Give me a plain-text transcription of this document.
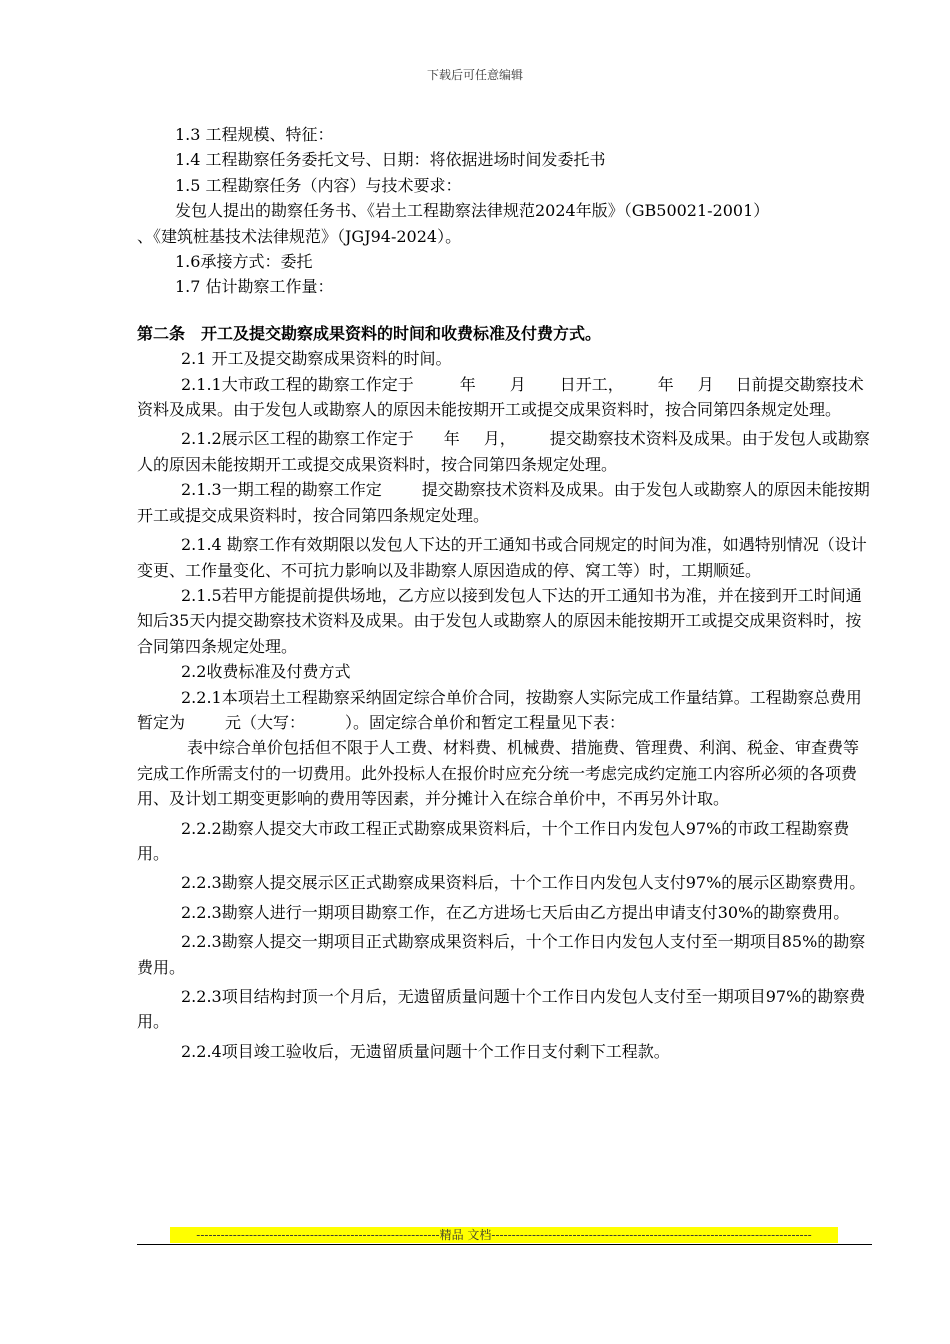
下载后可任意编辑

1.3 工程规模、特征：

1.4 工程勘察任务委托文号、日期：将依据进场时间发委托书

1.5 工程勘察任务（内容）与技术要求：

发包人提出的勘察任务书、《岩土工程勘察法律规范2024年版》（GB50021-2001）

、《建筑桩基技术法律规范》（JGJ94-2024）。

1.6承接方式：委托

1.7 估计勘察工作量：

第二条　开工及提交勘察成果资料的时间和收费标准及付费方式。

2.1 开工及提交勘察成果资料的时间。

2.1.1大市政工程的勘察工作定于	年 月 日开工， 年 月 日前提交勘察技术资料及成果。由于发包人或勘察人的原因未能按期开工或提交成果资料时，按合同第四条规定处理。

2.1.2展示区工程的勘察工作定于 年 月， 提交勘察技术资料及成果。由于发包人或勘察人的原因未能按期开工或提交成果资料时，按合同第四条规定处理。

2.1.3一期工程的勘察工作定	提交勘察技术资料及成果。由于发包人或勘察人的原因未能按期开工或提交成果资料时，按合同第四条规定处理。

2.1.4 勘察工作有效期限以发包人下达的开工通知书或合同规定的时间为准，如遇特别情况（设计变更、工作量变化、不可抗力影响以及非勘察人原因造成的停、窝工等）时，工期顺延。

2.1.5若甲方能提前提供场地，乙方应以接到发包人下达的开工通知书为准，并在接到开工时间通知后35天内提交勘察技术资料及成果。由于发包人或勘察人的原因未能按期开工或提交成果资料时，按合同第四条规定处理。

2.2收费标准及付费方式

2.2.1本项岩土工程勘察采纳固定综合单价合同，按勘察人实际完成工作量结算。工程勘察总费用暂定为	元（大写：	）。固定综合单价和暂定工程量见下表：

表中综合单价包括但不限于人工费、材料费、机械费、措施费、管理费、利润、税金、审查费等完成工作所需支付的一切费用。此外投标人在报价时应充分统一考虑完成约定施工内容所必须的各项费用、及计划工期变更影响的费用等因素，并分摊计入在综合单价中，不再另外计取。

2.2.2勘察人提交大市政工程正式勘察成果资料后，十个工作日内发包人97%的市政工程勘察费用。

2.2.3勘察人提交展示区正式勘察成果资料后，十个工作日内发包人支付97%的展示区勘察费用。

2.2.3勘察人进行一期项目勘察工作，在乙方进场七天后由乙方提出申请支付30%的勘察费用。

2.2.3勘察人提交一期项目正式勘察成果资料后，十个工作日内发包人支付至一期项目85%的勘察费用。

2.2.3项目结构封顶一个月后，无遗留质量问题十个工作日内发包人支付至一期项目97%的勘察费用。

2.2.4项目竣工验收后，无遗留质量问题十个工作日支付剩下工程款。

------------------------------------------------------------精品 文档-------------------------------------------------------------------------------
